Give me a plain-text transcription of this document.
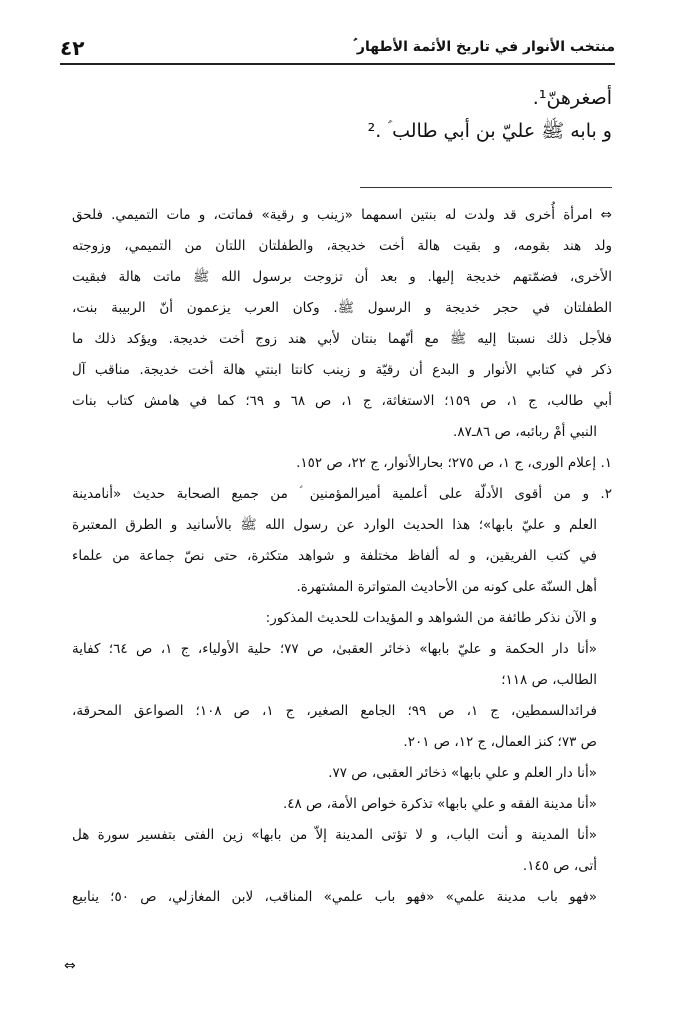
منتخب الأنوار في تاريخ الأئمة الأطهار ؑ
٤٢
أصغرهنّ¹.
و بابه ﷺ عليّ بن أبي طالب ؑ .²
⇔ امرأة أُخرى قد ولدت له بنتين اسمهما «زينب و رقية» فماتت، و مات التميمي. فلحق
ولد هند بقومه، و بقيت هالة أخت خديجة، والطفلتان اللتان من التميمي، وزوجته
الأخرى، فضمّتهم خديجة إليها. و بعد أن تزوجت برسول الله ﷺ ماتت هالة فبقيت
الطفلتان في حجر خديجة و الرسول ﷺ. وكان العرب يزعمون أنّ الربيبة بنت،
فلأجل ذلك نسبتا إليه ﷺ مع أنّهما بنتان لأبي هند زوج أخت خديجة. ويؤكد ذلك ما
ذكر في كتابي الأنوار و البدع أن رقيّة و زينب كانتا ابنتي هالة أخت خديجة. مناقب آل
أبي طالب، ج ١، ص ١٥٩؛ الاستغاثة، ج ١، ص ٦٨ و ٦٩؛ كما في هامش كتاب بنات
النبي أمْ ربائبه، ص ٨٦ـ٨٧.
١. إعلام الورى، ج ١، ص ٢٧٥؛ بحارالأنوار، ج ٢٢، ص ١٥٢.
٢. و من أقوى الأدلّة على أعلمية أميرالمؤمنين ؑ من جميع الصحابة حديث «أنامدينة
العلم و عليّ بابها»؛ هذا الحديث الوارد عن رسول الله ﷺ بالأسانيد و الطرق المعتبرة
في كتب الفريقين، و له ألفاظ مختلفة و شواهد متكثرة، حتى نصّ جماعة من علماء
أهل السنّة على كونه من الأحاديث المتواترة المشتهرة.
و الآن نذكر طائفة من الشواهد و المؤيدات للحديث المذكور:
«أنا دار الحكمة و عليّ بابها» ذخائر العقبىٰ، ص ٧٧؛ حلية الأولياء، ج ١، ص ٦٤؛ كفاية
الطالب، ص ١١٨؛
فرائدالسمطين، ج ١، ص ٩٩؛ الجامع الصغير، ج ١، ص ١٠٨؛ الصواعق المحرقة،
ص ٧٣؛ كنز العمال، ج ١٢، ص ٢٠١.
«أنا دار العلم و علي بابها» ذخائر العقبى، ص ٧٧.
«أنا مدينة الفقه و علي بابها» تذكرة خواص الأمة، ص ٤٨.
«أنا المدينة و أنت الباب، و لا تؤتى المدينة إلاّ من بابها» زين الفتى بتفسير سورة هل
أتى، ص ١٤٥.
«فهو باب مدينة علمي» «فهو باب علمي» المناقب، لابن المغازلي، ص ٥٠؛ ينابيع
⇔
